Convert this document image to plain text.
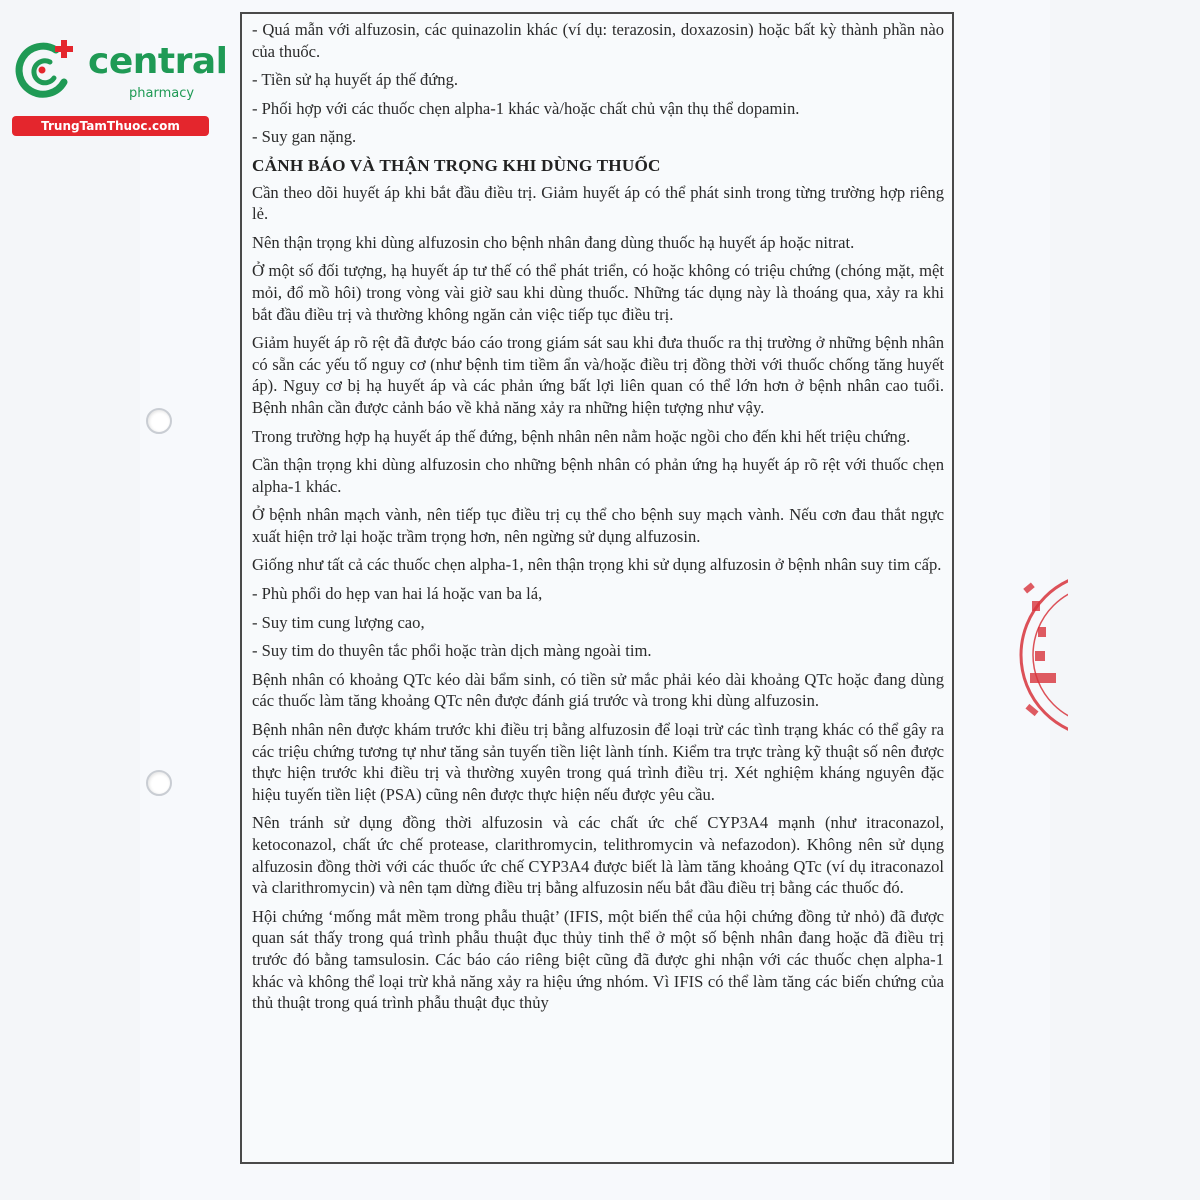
central
pharmacy
TrungTamThuoc.com

- Quá mẫn với alfuzosin, các quinazolin khác (ví dụ: terazosin, doxazosin) hoặc bất kỳ thành phần nào của thuốc.

- Tiền sử hạ huyết áp thế đứng.

- Phối hợp với các thuốc chẹn alpha-1 khác và/hoặc chất chủ vận thụ thể dopamin.

- Suy gan nặng.

CẢNH BÁO VÀ THẬN TRỌNG KHI DÙNG THUỐC

Cần theo dõi huyết áp khi bắt đầu điều trị. Giảm huyết áp có thể phát sinh trong từng trường hợp riêng lẻ.

Nên thận trọng khi dùng alfuzosin cho bệnh nhân đang dùng thuốc hạ huyết áp hoặc nitrat.

Ở một số đối tượng, hạ huyết áp tư thế có thể phát triển, có hoặc không có triệu chứng (chóng mặt, mệt mỏi, đổ mồ hôi) trong vòng vài giờ sau khi dùng thuốc. Những tác dụng này là thoáng qua, xảy ra khi bắt đầu điều trị và thường không ngăn cản việc tiếp tục điều trị.

Giảm huyết áp rõ rệt đã được báo cáo trong giám sát sau khi đưa thuốc ra thị trường ở những bệnh nhân có sẵn các yếu tố nguy cơ (như bệnh tim tiềm ẩn và/hoặc điều trị đồng thời với thuốc chống tăng huyết áp). Nguy cơ bị hạ huyết áp và các phản ứng bất lợi liên quan có thể lớn hơn ở bệnh nhân cao tuổi. Bệnh nhân cần được cảnh báo về khả năng xảy ra những hiện tượng như vậy.

Trong trường hợp hạ huyết áp thế đứng, bệnh nhân nên nằm hoặc ngồi cho đến khi hết triệu chứng.

Cần thận trọng khi dùng alfuzosin cho những bệnh nhân có phản ứng hạ huyết áp rõ rệt với thuốc chẹn alpha-1 khác.

Ở bệnh nhân mạch vành, nên tiếp tục điều trị cụ thể cho bệnh suy mạch vành. Nếu cơn đau thắt ngực xuất hiện trở lại hoặc trầm trọng hơn, nên ngừng sử dụng alfuzosin.

Giống như tất cả các thuốc chẹn alpha-1, nên thận trọng khi sử dụng alfuzosin ở bệnh nhân suy tim cấp.

- Phù phổi do hẹp van hai lá hoặc van ba lá,

- Suy tim cung lượng cao,

- Suy tim do thuyên tắc phổi hoặc tràn dịch màng ngoài tim.

Bệnh nhân có khoảng QTc kéo dài bẩm sinh, có tiền sử mắc phải kéo dài khoảng QTc hoặc đang dùng các thuốc làm tăng khoảng QTc nên được đánh giá trước và trong khi dùng alfuzosin.

Bệnh nhân nên được khám trước khi điều trị bằng alfuzosin để loại trừ các tình trạng khác có thể gây ra các triệu chứng tương tự như tăng sản tuyến tiền liệt lành tính. Kiểm tra trực tràng kỹ thuật số nên được thực hiện trước khi điều trị và thường xuyên trong quá trình điều trị. Xét nghiệm kháng nguyên đặc hiệu tuyến tiền liệt (PSA) cũng nên được thực hiện nếu được yêu cầu.

Nên tránh sử dụng đồng thời alfuzosin và các chất ức chế CYP3A4 mạnh (như itraconazol, ketoconazol, chất ức chế protease, clarithromycin, telithromycin và nefazodon). Không nên sử dụng alfuzosin đồng thời với các thuốc ức chế CYP3A4 được biết là làm tăng khoảng QTc (ví dụ itraconazol và clarithromycin) và nên tạm dừng điều trị bằng alfuzosin nếu bắt đầu điều trị bằng các thuốc đó.

Hội chứng ‘mống mắt mềm trong phẫu thuật’ (IFIS, một biến thể của hội chứng đồng tử nhỏ) đã được quan sát thấy trong quá trình phẫu thuật đục thủy tinh thể ở một số bệnh nhân đang hoặc đã điều trị trước đó bằng tamsulosin. Các báo cáo riêng biệt cũng đã được ghi nhận với các thuốc chẹn alpha-1 khác và không thể loại trừ khả năng xảy ra hiệu ứng nhóm. Vì IFIS có thể làm tăng các biến chứng của thủ thuật trong quá trình phẫu thuật đục thủy
